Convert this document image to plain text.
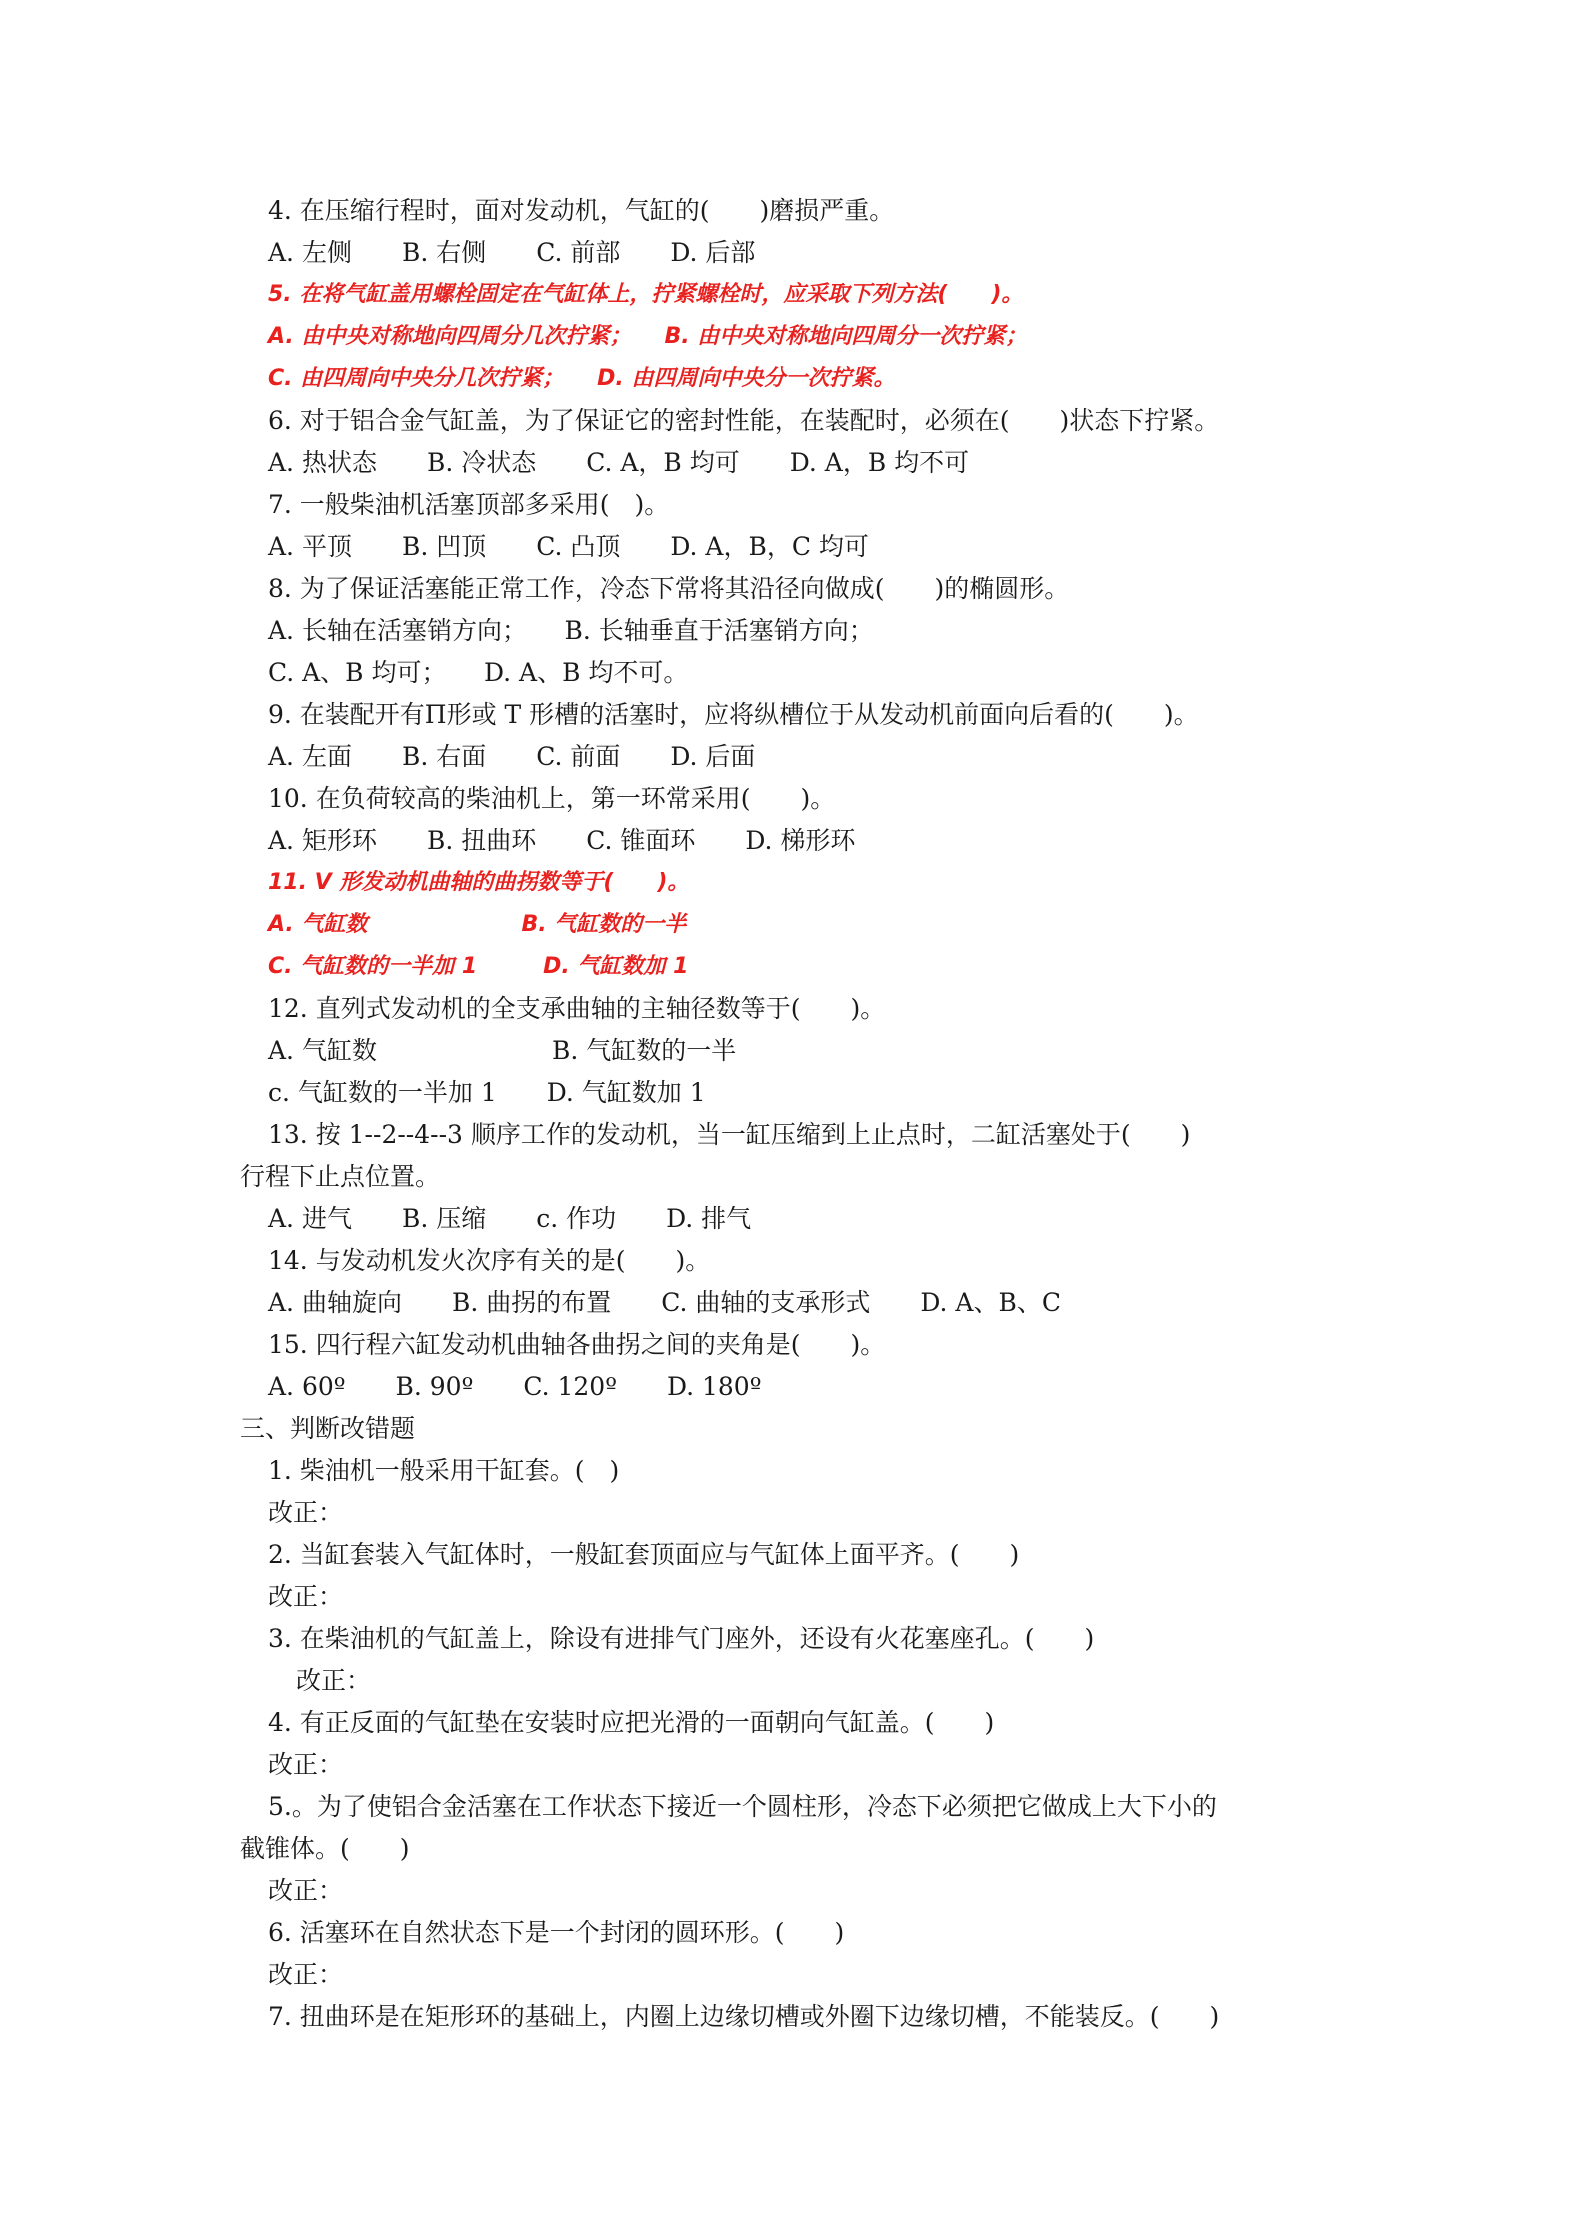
4. 在压缩行程时，面对发动机，气缸的(　　)磨损严重。
A. 左侧　　B. 右侧　　C. 前部　　D. 后部
5. 在将气缸盖用螺栓固定在气缸体上，拧紧螺栓时，应采取下列方法(　　)。
A. 由中央对称地向四周分几次拧紧；　　B. 由中央对称地向四周分一次拧紧；
C. 由四周向中央分几次拧紧；　　D. 由四周向中央分一次拧紧。
6. 对于铝合金气缸盖，为了保证它的密封性能，在装配时，必须在(　　)状态下拧紧。
A. 热状态　　B. 冷状态　　C. A，B 均可　　D. A，B 均不可
7. 一般柴油机活塞顶部多采用(　)。
A. 平顶　　B. 凹顶　　C. 凸顶　　D. A，B，C 均可
8. 为了保证活塞能正常工作，冷态下常将其沿径向做成(　　)的椭圆形。
A. 长轴在活塞销方向；　　B. 长轴垂直于活塞销方向；
C. A、B 均可；　　D. A、B 均不可。
9. 在装配开有Π形或 T 形槽的活塞时，应将纵槽位于从发动机前面向后看的(　　)。
A. 左面　　B. 右面　　C. 前面　　D. 后面
10. 在负荷较高的柴油机上，第一环常采用(　　)。
A. 矩形环　　B. 扭曲环　　C. 锥面环　　D. 梯形环
11. V 形发动机曲轴的曲拐数等于(　　)。
A. 气缸数　　　　　　　B. 气缸数的一半
C. 气缸数的一半加 1　　　D. 气缸数加 1
12. 直列式发动机的全支承曲轴的主轴径数等于(　　)。
A. 气缸数　　　　　　　B. 气缸数的一半
c. 气缸数的一半加 1　　D. 气缸数加 1
13. 按 1--2--4--3 顺序工作的发动机，当一缸压缩到上止点时，二缸活塞处于(　　)
行程下止点位置。
A. 进气　　B. 压缩　　c. 作功　　D. 排气
14. 与发动机发火次序有关的是(　　)。
A. 曲轴旋向　　B. 曲拐的布置　　C. 曲轴的支承形式　　D. A、B、C
15. 四行程六缸发动机曲轴各曲拐之间的夹角是(　　)。
A. 60º　　B. 90º　　C. 120º　　D. 180º
三、判断改错题
1. 柴油机一般采用干缸套。(　)
改正：
2. 当缸套装入气缸体时，一般缸套顶面应与气缸体上面平齐。(　　)
改正：
3. 在柴油机的气缸盖上，除设有进排气门座外，还设有火花塞座孔。(　　)
改正：
4. 有正反面的气缸垫在安装时应把光滑的一面朝向气缸盖。(　　)
改正：
5.。为了使铝合金活塞在工作状态下接近一个圆柱形，冷态下必须把它做成上大下小的
截锥体。(　　)
改正：
6. 活塞环在自然状态下是一个封闭的圆环形。(　　)
改正：
7. 扭曲环是在矩形环的基础上，内圈上边缘切槽或外圈下边缘切槽，不能装反。(　　)
